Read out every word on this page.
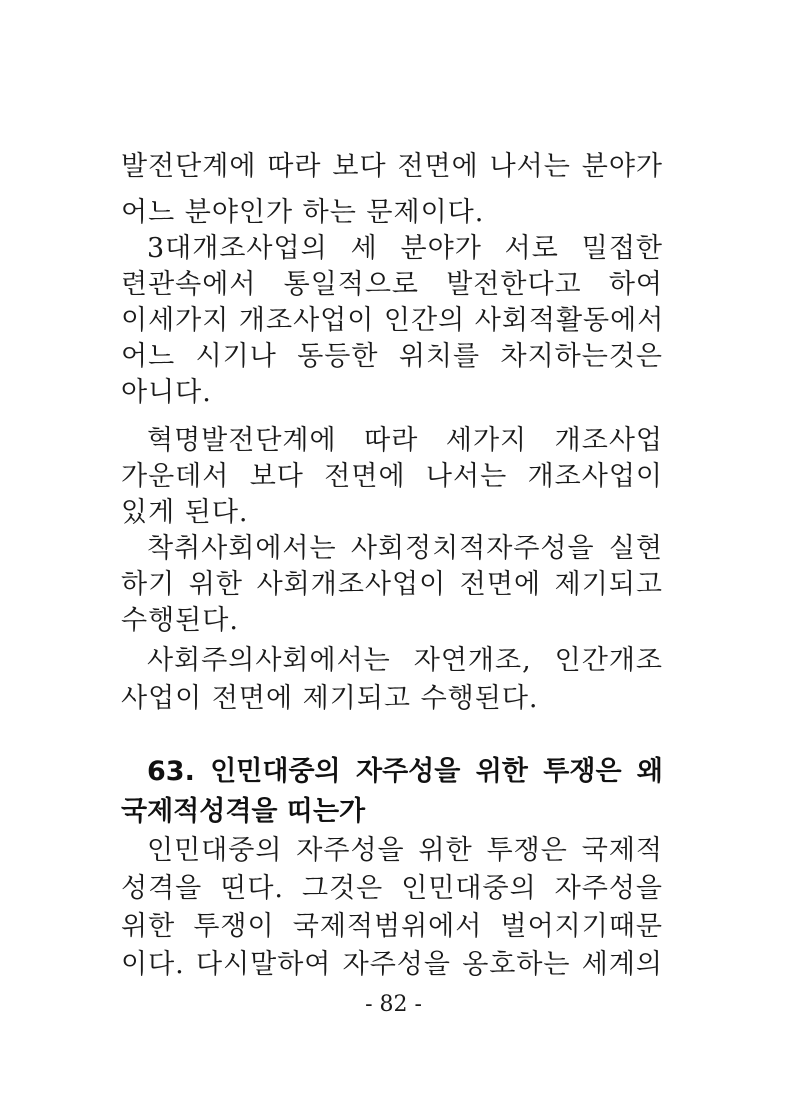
발전단계에 따라 보다 전면에 나서는 분야가
어느 분야인가 하는 문제이다.
3대개조사업의 세 분야가 서로 밀접한
련관속에서 통일적으로 발전한다고 하여
이세가지 개조사업이 인간의 사회적활동에서
어느 시기나 동등한 위치를 차지하는것은
아니다.
혁명발전단계에 따라 세가지 개조사업
가운데서 보다 전면에 나서는 개조사업이
있게 된다.
착취사회에서는 사회정치적자주성을 실현
하기 위한 사회개조사업이 전면에 제기되고
수행된다.
사회주의사회에서는 자연개조, 인간개조
사업이 전면에 제기되고 수행된다.
63. 인민대중의 자주성을 위한 투쟁은 왜
국제적성격을 띠는가
인민대중의 자주성을 위한 투쟁은 국제적
성격을 띤다. 그것은 인민대중의 자주성을
위한 투쟁이 국제적범위에서 벌어지기때문
이다. 다시말하여 자주성을 옹호하는 세계의
- 82 -
